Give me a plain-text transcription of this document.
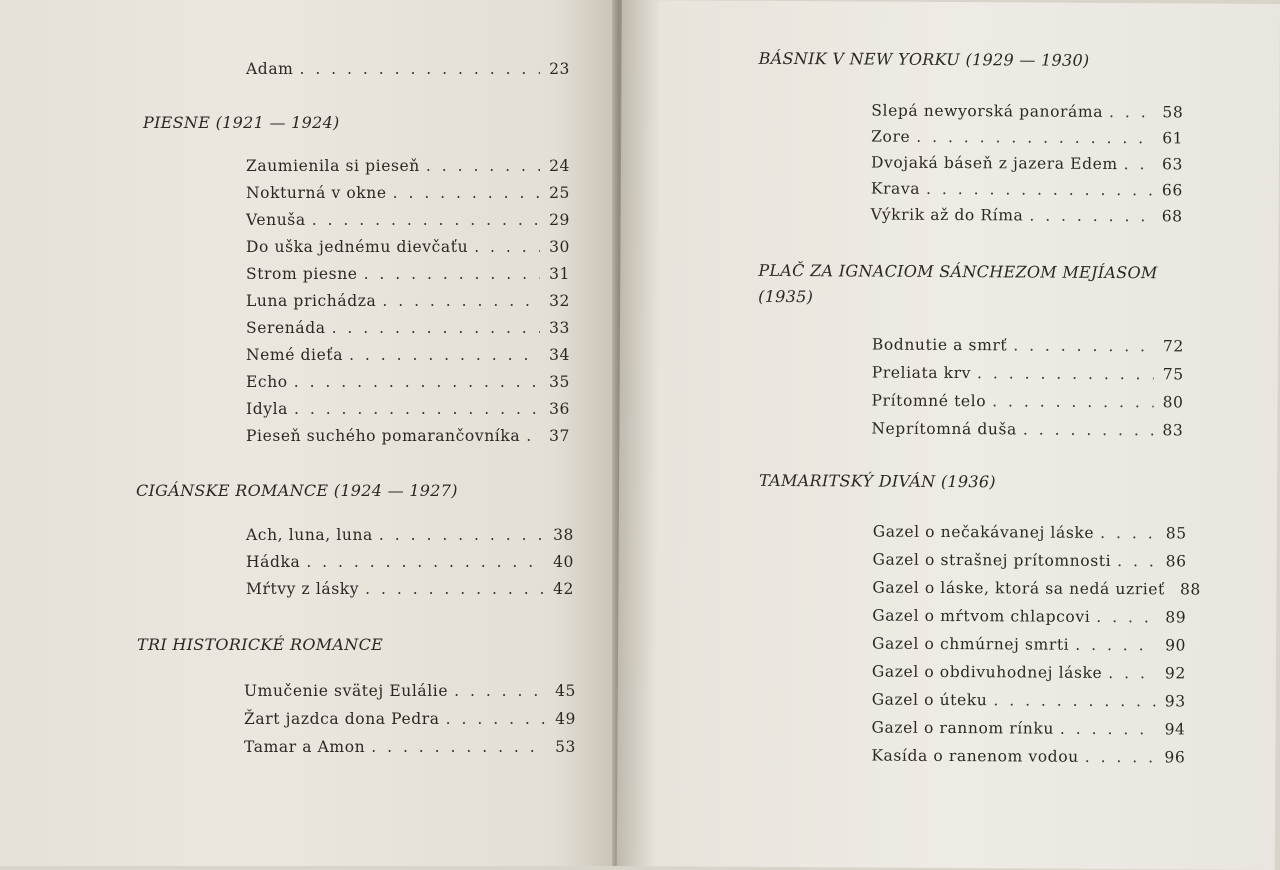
Adam . . .	23
PIESNE (1921 — 1924)
Zaumienila si pieseň . . .	24
Nokturná v okne . . .	25
Venuša . . .	29
Do uška jednému dievčaťu . . .	30
Strom piesne . . .	31
Luna prichádza . . .	32
Serenáda . . .	33
Nemé dieťa . . .	34
Echo . . .	35
Idyla . . .	36
Pieseň suchého pomarančovníka . . . 37
CIGÁNSKE ROMANCE (1924 — 1927)
Ach, luna, luna . . .	38
Hádka . . .	40
Mŕtvy z lásky . . .	42
TRI HISTORICKÉ ROMANCE
Umučenie svätej Eulálie . . .	45
Žart jazdca dona Pedra . . .	49
Tamar a Amon . . .	53
BÁSNIK V NEW YORKU (1929 — 1930)
Slepá newyorská panoráma . . .	58
Zore . . .	61
Dvojaká báseň z jazera Edem . . .	63
Krava . . .	66
Výkrik až do Ríma . . .	68
PLAČ ZA IGNACIOM SÁNCHEZOM MEJÍASOM
(1935)
Bodnutie a smrť . . .	72
Preliata krv . . .	75
Prítomné telo . . .	80
Neprítomná duša . . .	83
TAMARITSKÝ DIVÁN (1936)
Gazel o nečakávanej láske . . .	85
Gazel o strašnej prítomnosti . . .	86
Gazel o láske, ktorá sa nedá uzrieť . . . 88
Gazel o mŕtvom chlapcovi . . .	89
Gazel o chmúrnej smrti . . .	90
Gazel o obdivuhodnej láske . . .	92
Gazel o úteku . . .	93
Gazel o rannom rínku . . .	94
Kasída o ranenom vodou . . .	96
